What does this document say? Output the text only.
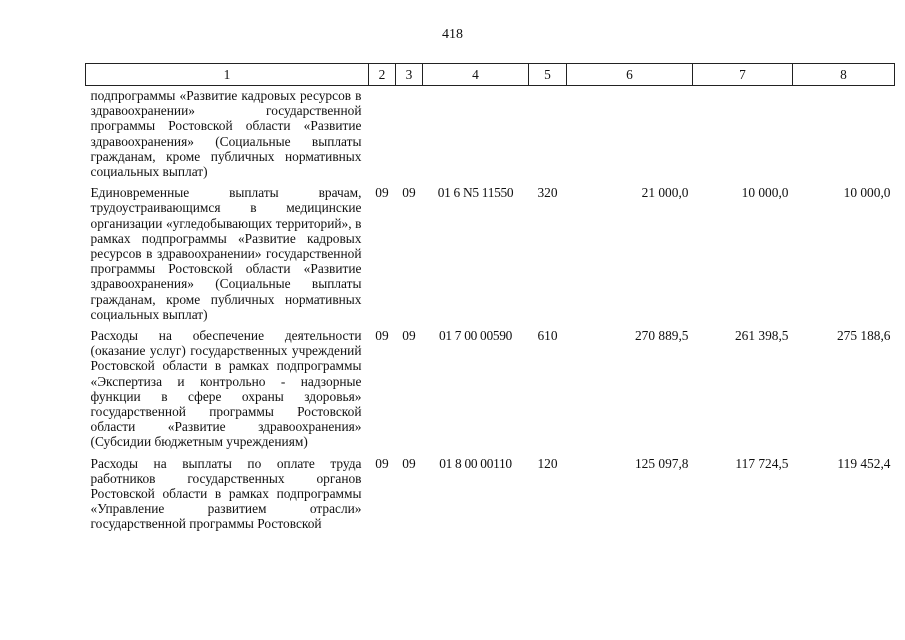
418
1	2	3	4	5	6	7	8
подпрограммы «Развитие кадровых ресурсов в здравоохранении» государственной программы Ростовской области «Развитие здравоохранения» (Социальные выплаты гражданам, кроме публичных нормативных социальных выплат)							
Единовременные выплаты врачам, трудоустраивающимся в медицинские организации «угледобывающих территорий», в рамках подпрограммы «Развитие кадровых ресурсов в здравоохранении» государственной программы Ростовской области «Развитие здравоохранения» (Социальные выплаты гражданам, кроме публичных нормативных социальных выплат)	09	09	01 6 N5 11550	320	21 000,0	10 000,0	10 000,0
Расходы на обеспечение деятельности (оказание услуг) государственных учреждений Ростовской области в рамках подпрограммы «Экспертиза и контрольно - надзорные функции в сфере охраны здоровья» государственной программы Ростовской области «Развитие здравоохранения» (Субсидии бюджетным учреждениям)	09	09	01 7 00 00590	610	270 889,5	261 398,5	275 188,6
Расходы на выплаты по оплате труда работников государственных органов Ростовской области в рамках подпрограммы «Управление развитием отрасли» государственной программы Ростовской	09	09	01 8 00 00110	120	125 097,8	117 724,5	119 452,4
